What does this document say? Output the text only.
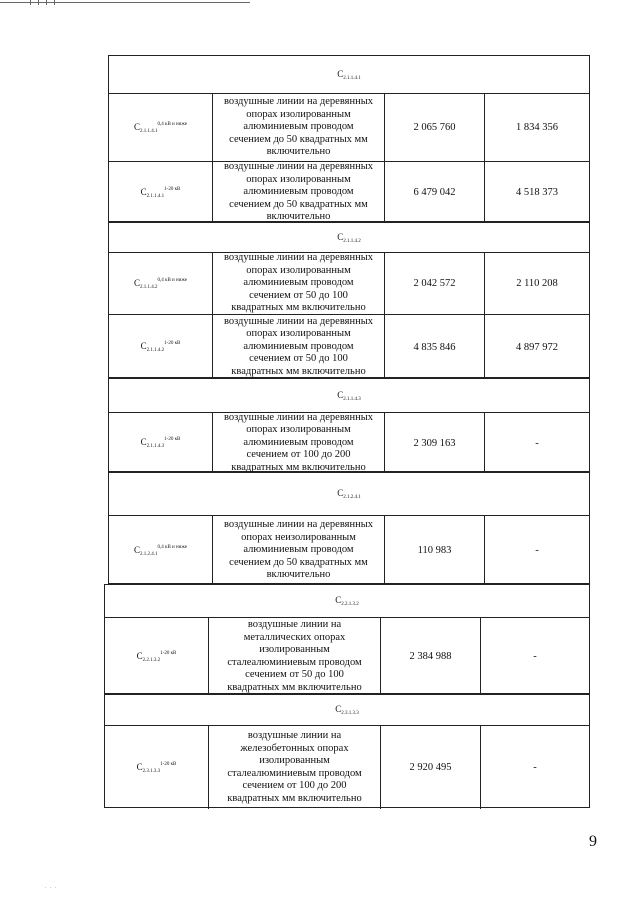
$C_{2.1.1.4.1}$
$C_{2.1.1.4.1}^{0,4 кВ и ниже}$
воздушные линии на деревянных
опорах изолированным
алюминиевым проводом
сечением до 50 квадратных мм
включительно
2 065 760	1 834 356
$C_{2.1.1.4.1}^{1-20 кВ}$
воздушные линии на деревянных
опорах изолированным
алюминиевым проводом
сечением до 50 квадратных мм
включительно
6 479 042	4 518 373
$C_{2.1.1.4.2}$
$C_{2.1.1.4.2}^{0,4 кВ и ниже}$
воздушные линии на деревянных
опорах изолированным
алюминиевым проводом
сечением от 50 до 100
квадратных мм включительно
2 042 572	2 110 208
$C_{2.1.1.4.2}^{1-20 кВ}$
воздушные линии на деревянных
опорах изолированным
алюминиевым проводом
сечением от 50 до 100
квадратных мм включительно
4 835 846	4 897 972
$C_{2.1.1.4.3}$
$C_{2.1.1.4.3}^{1-20 кВ}$
воздушные линии на деревянных
опорах изолированным
алюминиевым проводом
сечением от 100 до 200
квадратных мм включительно
2 309 163	-
$C_{2.1.2.4.1}$
$C_{2.1.2.4.1}^{0,4 кВ и ниже}$
воздушные линии на деревянных
опорах неизолированным
алюминиевым проводом
сечением до 50 квадратных мм
включительно
110 983	-
$C_{2.2.1.3.2}$
$C_{2.2.1.3.2}^{1-20 кВ}$
воздушные линии на
металлических опорах
изолированным
сталеалюминиевым проводом
сечением от 50 до 100
квадратных мм включительно
2 384 988	-
$C_{2.3.1.3.3}$
$C_{2.3.1.3.3}^{1-20 кВ}$
воздушные линии на
железобетонных опорах
изолированным
сталеалюминиевым проводом
сечением от 100 до 200
квадратных мм включительно
2 920 495	-
9
. . .
